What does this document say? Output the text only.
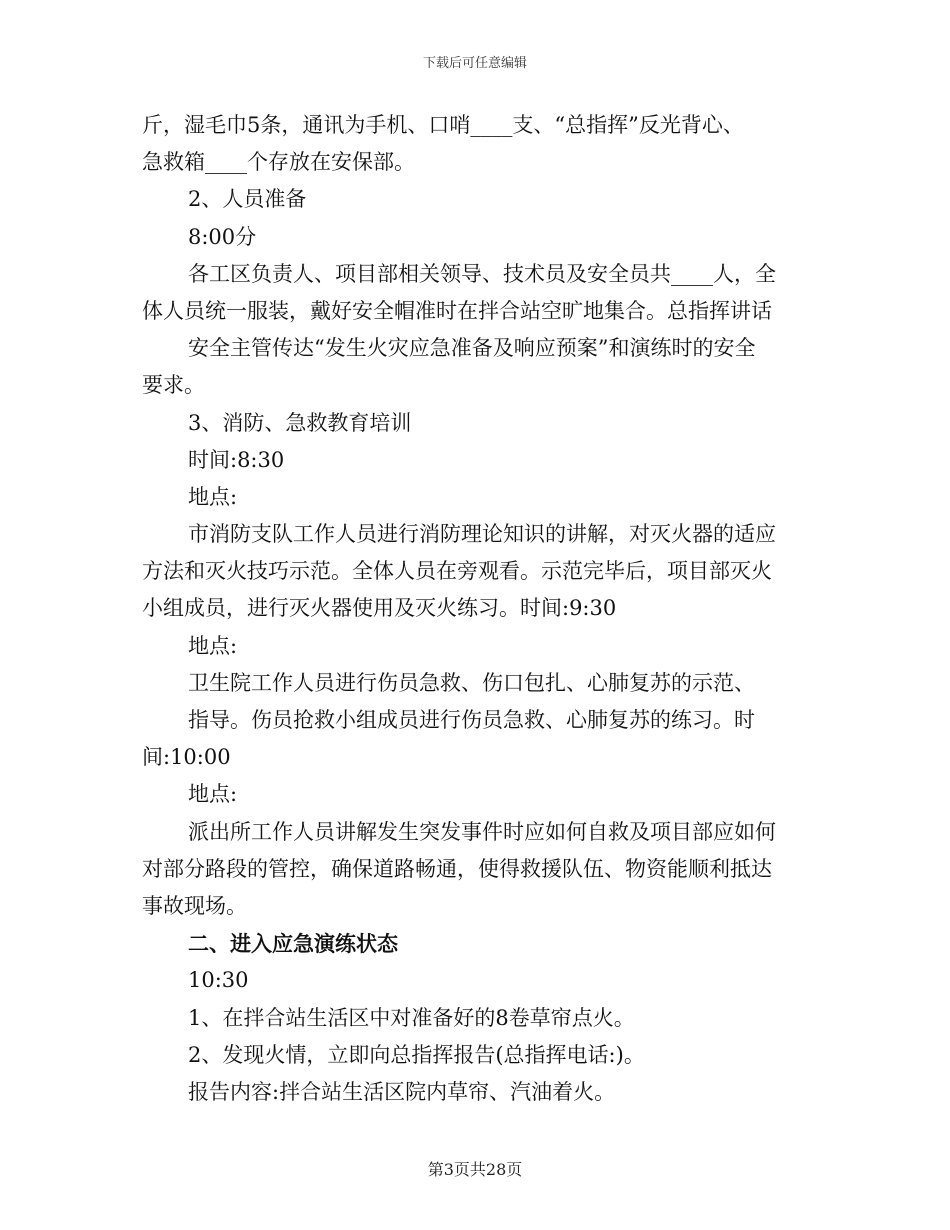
下载后可任意编辑
斤，湿毛巾5条，通讯为手机、口哨____支、“总指挥”反光背心、
急救箱____个存放在安保部。
2、人员准备
8:00分
各工区负责人、项目部相关领导、技术员及安全员共____人，全
体人员统一服装，戴好安全帽准时在拌合站空旷地集合。总指挥讲话
安全主管传达“发生火灾应急准备及响应预案”和演练时的安全
要求。
3、消防、急救教育培训
时间:8:30
地点:
市消防支队工作人员进行消防理论知识的讲解，对灭火器的适应
方法和灭火技巧示范。全体人员在旁观看。示范完毕后，项目部灭火
小组成员，进行灭火器使用及灭火练习。时间:9:30
地点:
卫生院工作人员进行伤员急救、伤口包扎、心肺复苏的示范、
指导。伤员抢救小组成员进行伤员急救、心肺复苏的练习。时
间:10:00
地点:
派出所工作人员讲解发生突发事件时应如何自救及项目部应如何
对部分路段的管控，确保道路畅通，使得救援队伍、物资能顺利抵达
事故现场。
二、进入应急演练状态
10:30
1、在拌合站生活区中对准备好的8卷草帘点火。
2、发现火情，立即向总指挥报告(总指挥电话:)。
报告内容:拌合站生活区院内草帘、汽油着火。
第3页共28页
